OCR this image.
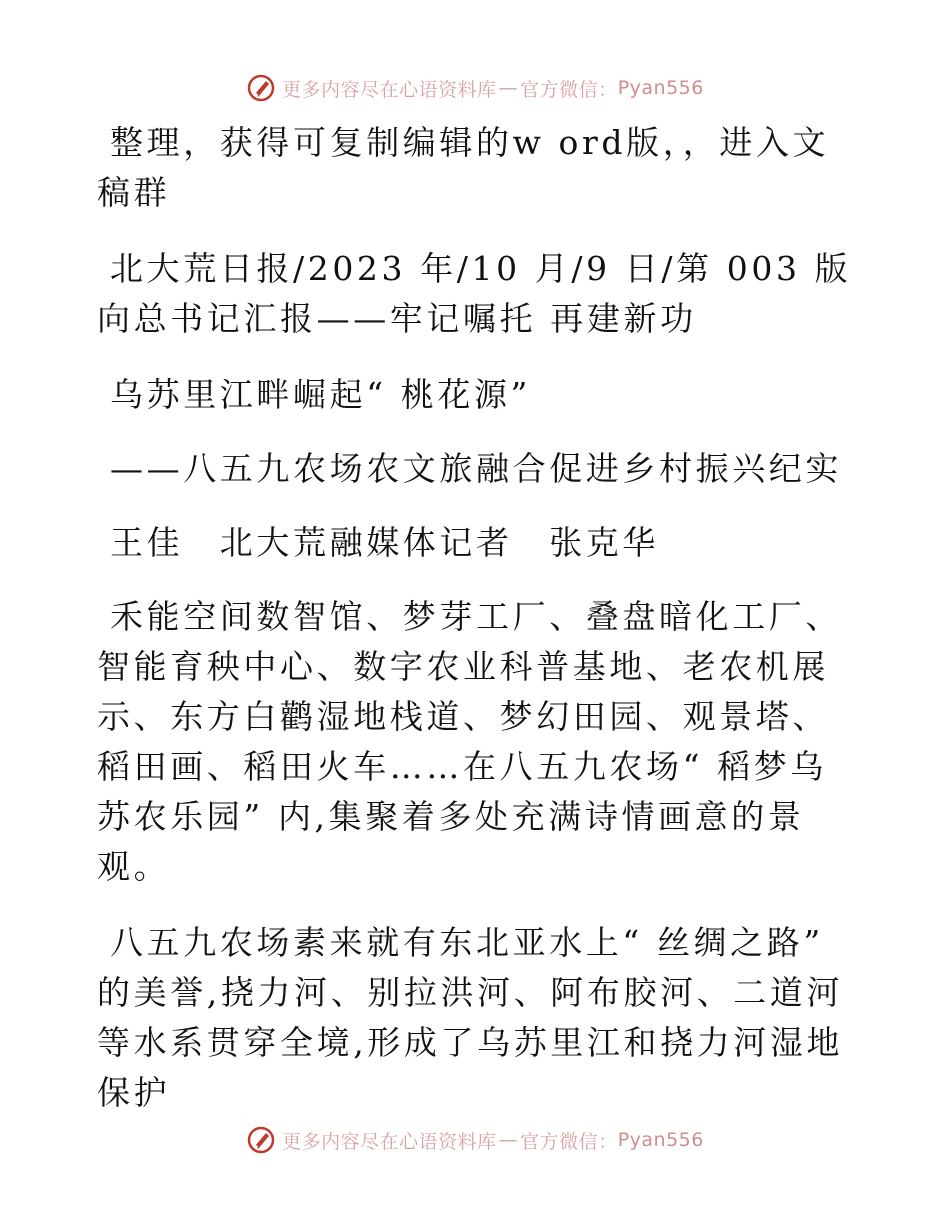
更多内容尽在心语资料库 — 官方微信： Pyan556

整理，获得可复制编辑的w ord版，，进入文稿群

北大荒日报/2023 年/10 月/9 日/第 003 版向总书记汇报——牢记嘱托 再建新功

乌苏里江畔崛起“ 桃花源”

——八五九农场农文旅融合促进乡村振兴纪实

王佳　北大荒融媒体记者　张克华

禾能空间数智馆、梦芽工厂、叠盘暗化工厂、智能育秧中心、数字农业科普基地、老农机展示、东方白鹳湿地栈道、梦幻田园、观景塔、稻田画、稻田火车……在八五九农场“ 稻梦乌苏农乐园” 内,集聚着多处充满诗情画意的景观。

八五九农场素来就有东北亚水上“ 丝绸之路” 的美誉,挠力河、别拉洪河、阿布胶河、二道河等水系贯穿全境,形成了乌苏里江和挠力河湿地保护

更多内容尽在心语资料库 — 官方微信： Pyan556
